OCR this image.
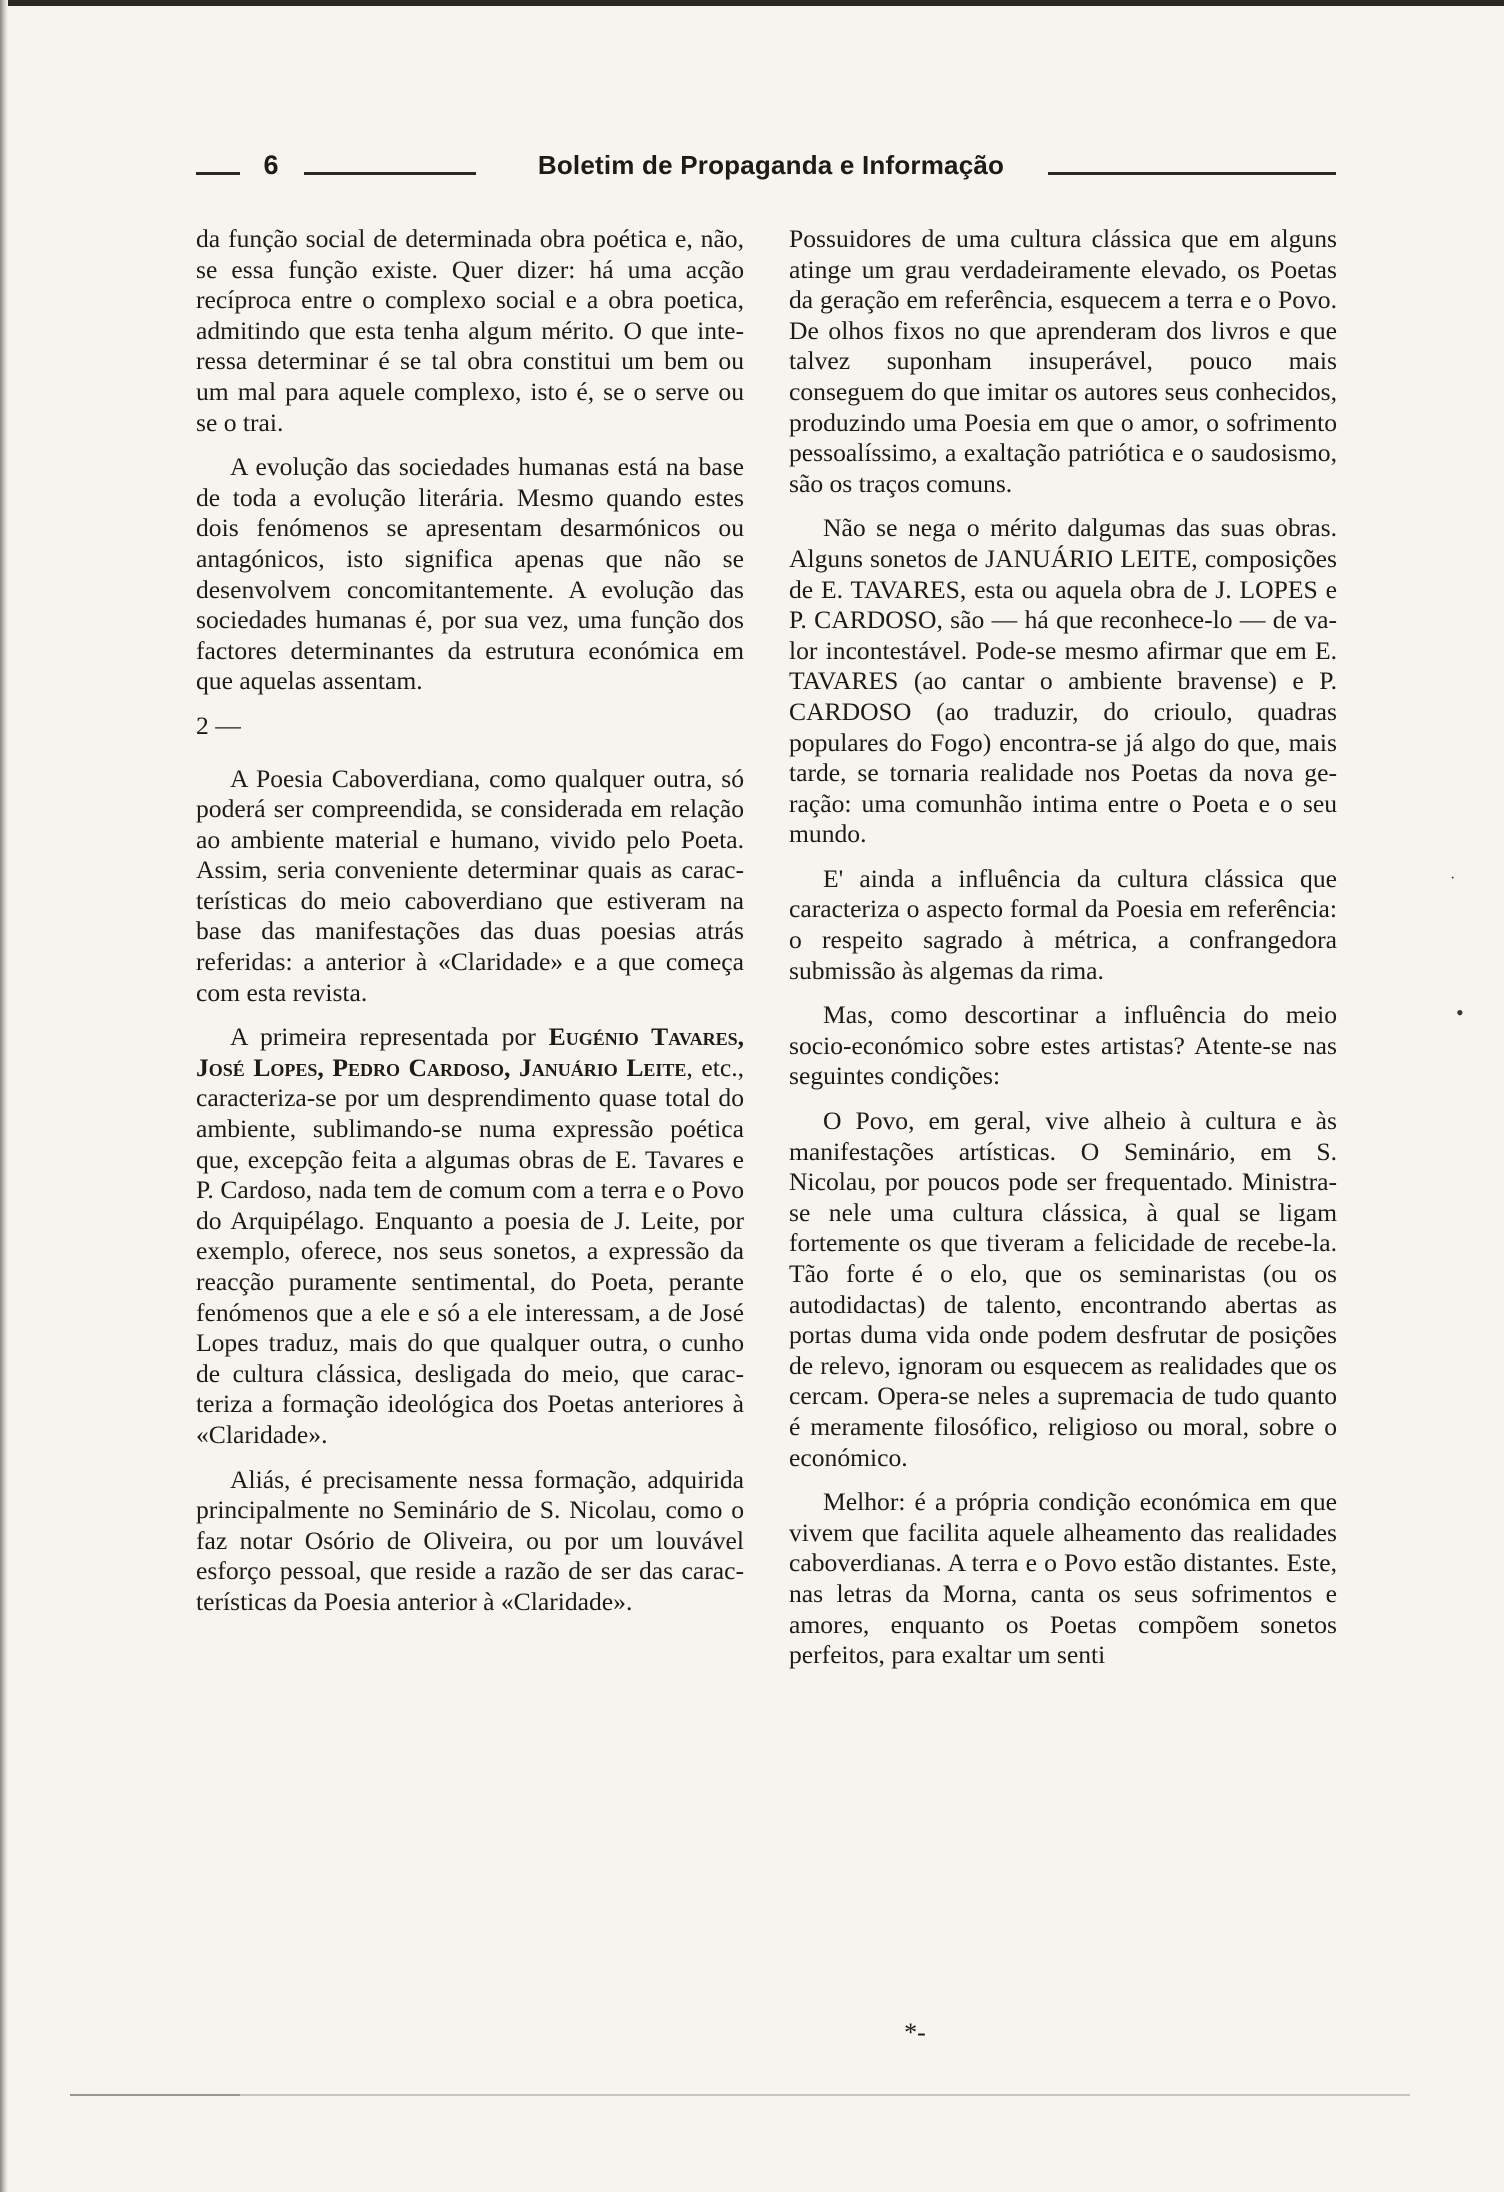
6	Boletim de Propaganda e Informação

da função social de determinada obra poética e, não, se essa função existe. Quer dizer: há uma acção recíproca entre o complexo social e a obra poetica, admitindo que esta tenha algum mérito. O que interessa determinar é se tal obra constitui um bem ou um mal para aquele complexo, isto é, se o serve ou se o trai.

A evolução das sociedades humanas está na base de toda a evolução literária. Mesmo quando estes dois fenómenos se apresentam desarmónicos ou antagónicos, isto significa apenas que não se desenvolvem concomitantemente. A evolução das sociedades humanas é, por sua vez, uma função dos factores determinantes da estrutura económica em que aquelas assentam.

2 —

A Poesia Caboverdiana, como qualquer outra, só poderá ser compreendida, se considerada em relação ao ambiente material e humano, vivido pelo Poeta. Assim, seria conveniente determinar quais as características do meio caboverdiano que estiveram na base das manifestações das duas poesias atrás referidas: a anterior à «Claridade» e a que começa com esta revista.

A primeira representada por Eugénio Tavares, José Lopes, Pedro Cardoso, Januário Leite, etc., caracteriza-se por um desprendimento quase total do ambiente, sublimando-se numa expressão poética que, excepção feita a algumas obras de E. Tavares e P. Cardoso, nada tem de comum com a terra e o Povo do Arquipélago. Enquanto a poesia de J. Leite, por exemplo, oferece, nos seus sonetos, a expressão da reacção puramente sentimental, do Poeta, perante fenómenos que a ele e só a ele interessam, a de José Lopes traduz, mais do que qualquer outra, o cunho de cultura clássica, desligada do meio, que caracteriza a formação ideológica dos Poetas anteriores à «Claridade».

Aliás, é precisamente nessa formação, adquirida principalmente no Seminário de S. Nicolau, como o faz notar Osório de Oliveira, ou por um louvável esforço pessoal, que reside a razão de ser das características da Poesia anterior à «Claridade».

Possuidores de uma cultura clássica que em alguns atinge um grau verdadeiramente elevado, os Poetas da geração em referência, esquecem a terra e o Povo. De olhos fixos no que aprenderam dos livros e que talvez suponham insuperável, pouco mais conseguem do que imitar os autores seus conhecidos, produzindo uma Poesia em que o amor, o sofrimento pessoalíssimo, a exaltação patriótica e o saudosismo, são os traços comuns.

Não se nega o mérito dalgumas das suas obras. Alguns sonetos de JANUÁRIO LEITE, composições de E. TAVARES, esta ou aquela obra de J. LOPES e P. CARDOSO, são — há que reconhece-lo — de valor incontestável. Pode-se mesmo afirmar que em E. TAVARES (ao cantar o ambiente bravense) e P. CARDOSO (ao traduzir, do crioulo, quadras populares do Fogo) encontra-se já algo do que, mais tarde, se tornaria realidade nos Poetas da nova geração: uma comunhão intima entre o Poeta e o seu mundo.

E' ainda a influência da cultura clássica que caracteriza o aspecto formal da Poesia em referência: o respeito sagrado à métrica, a confrangedora submissão às algemas da rima.

Mas, como descortinar a influência do meio socio-económico sobre estes artistas? Atente-se nas seguintes condições:

O Povo, em geral, vive alheio à cultura e às manifestações artísticas. O Seminário, em S. Nicolau, por poucos pode ser frequentado. Ministra-se nele uma cultura clássica, à qual se ligam fortemente os que tiveram a felicidade de recebe-la. Tão forte é o elo, que os seminaristas (ou os autodidactas) de talento, encontrando abertas as portas duma vida onde podem desfrutar de posições de relevo, ignoram ou esquecem as realidades que os cercam. Opera-se neles a supremacia de tudo quanto é meramente filosófico, religioso ou moral, sobre o económico.

Melhor: é a própria condição económica em que vivem que facilita aquele alheamento das realidades caboverdianas. A terra e o Povo estão distantes. Este, nas letras da Morna, canta os seus sofrimentos e amores, enquanto os Poetas compõem sonetos perfeitos, para exaltar um senti

*-
·
•
